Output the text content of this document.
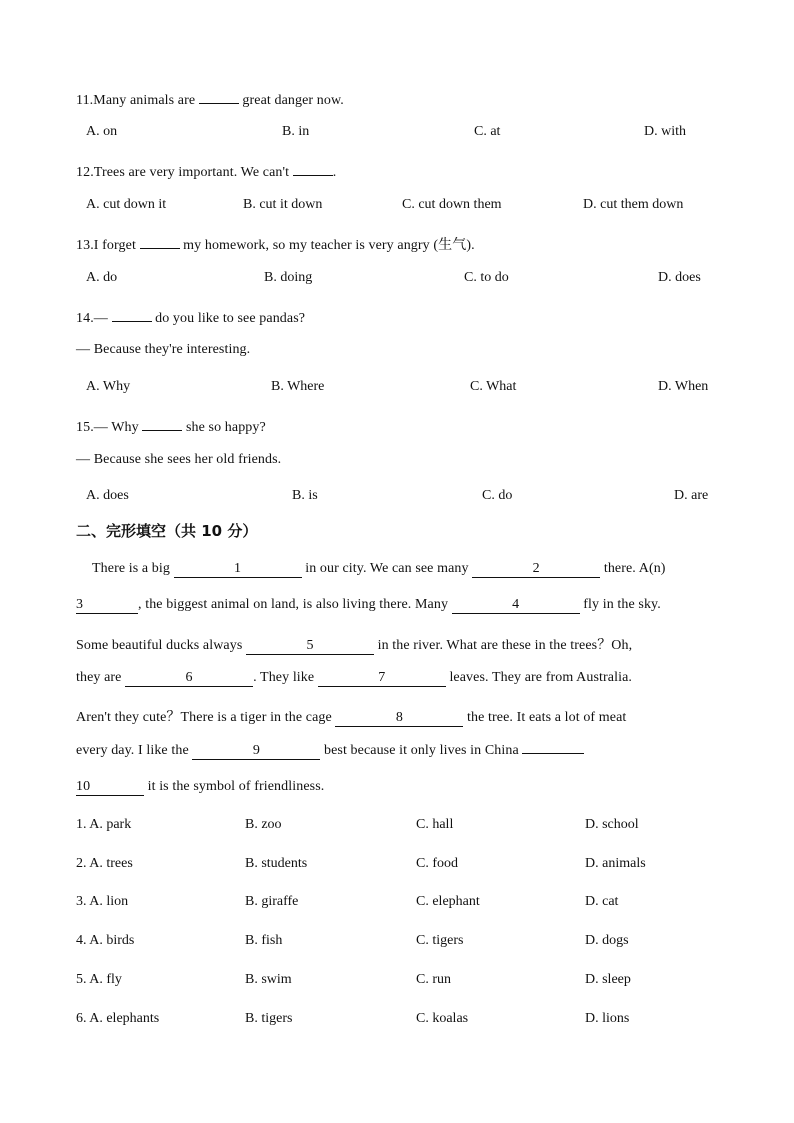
11.Many animals are	great danger now.
A. on	B. in	C. at	D. with
12.Trees are very important. We can't	.
A. cut down it	B. cut it down	C. cut down them	D. cut them down
13.I forget	my homework, so my teacher is very angry (生气).
A. do	B. doing	C. to do	D. does
14.—	do you like to see pandas?
— Because they're interesting.
A. Why	B. Where	C. What	D. When
15.— Why	she so happy?
— Because she sees her old friends.
A. does	B. is	C. do	D. are
二、完形填空（共 10 分）
There is a big	1	in our city. We can see many	2	there. A(n)
3	, the biggest animal on land, is also living there. Many	4	fly in the sky.
Some beautiful ducks always	5	in the river. What are these in the trees？Oh,
they are	6	. They like	7	leaves. They are from Australia.
Aren't they cute？There is a tiger in the cage	8	the tree. It eats a lot of meat
every day. I like the	9	best because it only lives in China
10	it is the symbol of friendliness.
1. A. park	B. zoo	C. hall	D. school
2. A. trees	B. students	C. food	D. animals
3. A. lion	B. giraffe	C. elephant	D. cat
4. A. birds	B. fish	C. tigers	D. dogs
5. A. fly	B. swim	C. run	D. sleep
6. A. elephants	B. tigers	C. koalas	D. lions
